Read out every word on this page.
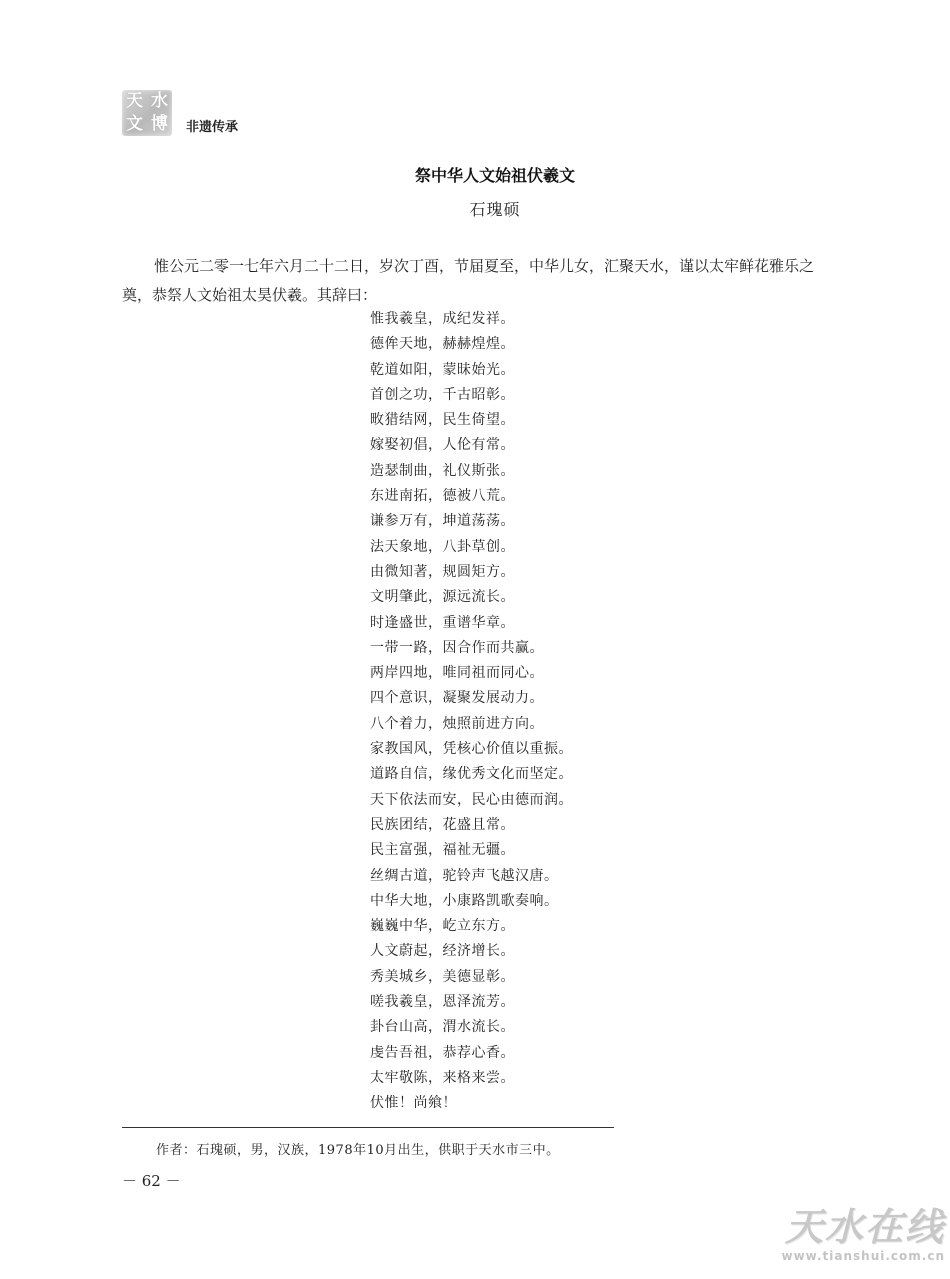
天 水
文 博 非遗传承
祭中华人文始祖伏羲文
石瑰硕

惟公元二零一七年六月二十二日，岁次丁酉，节届夏至，中华儿女，汇聚天水，谨以太牢鲜花雅乐之奠，恭祭人文始祖太昊伏羲。其辞曰：

惟我羲皇，成纪发祥。
德侔天地，赫赫煌煌。
乾道如阳，蒙昧始光。
首创之功，千古昭彰。
畋猎结网，民生倚望。
嫁娶初倡，人伦有常。
造瑟制曲，礼仪斯张。
东进南拓，德被八荒。
谦参万有，坤道荡荡。
法天象地，八卦草创。
由微知著，规圆矩方。
文明肇此，源远流长。
时逢盛世，重谱华章。
一带一路，因合作而共赢。
两岸四地，唯同祖而同心。
四个意识，凝聚发展动力。
八个着力，烛照前进方向。
家教国风，凭核心价值以重振。
道路自信，缘优秀文化而坚定。
天下依法而安，民心由德而润。
民族团结，花盛且常。
民主富强，福祉无疆。
丝绸古道，驼铃声飞越汉唐。
中华大地，小康路凯歌奏响。
巍巍中华，屹立东方。
人文蔚起，经济增长。
秀美城乡，美德显彰。
嗟我羲皇，恩泽流芳。
卦台山高，渭水流长。
虔告吾祖，恭荐心香。
太牢敬陈，来格来尝。
伏惟！尚飨！
作者：石瑰硕，男，汉族，1978年10月出生，供职于天水市三中。
－ 62 －
天水在线
www.tianshui.com.cn
